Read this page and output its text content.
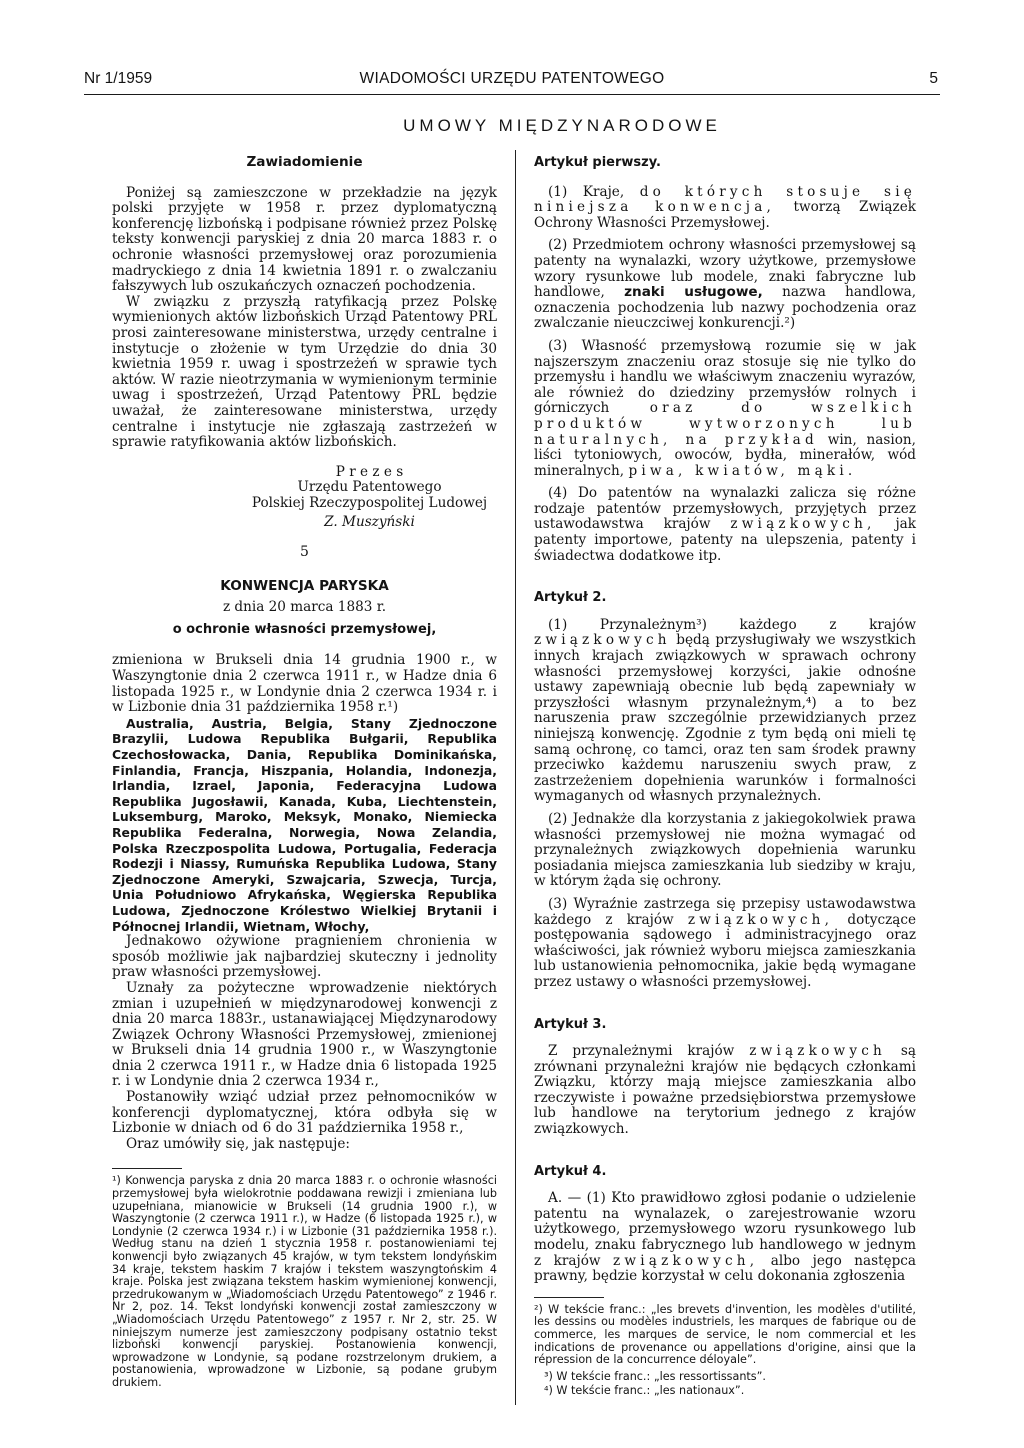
Nr 1/1959	WIADOMOŚCI URZĘDU PATENTOWEGO	5
UMOWY MIĘDZYNARODOWE

Zawiadomienie

Poniżej są zamieszczone w przekładzie na język polski przyjęte w 1958 r. przez dyplomatyczną konferencję lizbońską i podpisane również przez Polskę teksty konwencji paryskiej z dnia 20 marca 1883 r. o ochronie własności przemysłowej oraz porozumienia madryckiego z dnia 14 kwietnia 1891 r. o zwalczaniu fałszywych lub oszukańczych oznaczeń pochodzenia.

W związku z przyszłą ratyfikacją przez Polskę wymienionych aktów lizbońskich Urząd Patentowy PRL prosi zainteresowane ministerstwa, urzędy centralne i instytucje o złożenie w tym Urzędzie do dnia 30 kwietnia 1959 r. uwag i spostrzeżeń w sprawie tych aktów. W razie nieotrzymania w wymienionym terminie uwag i spostrzeżeń, Urząd Patentowy PRL będzie uważał, że zainteresowane ministerstwa, urzędy centralne i instytucje nie zgłaszają zastrzeżeń w sprawie ratyfikowania aktów lizbońskich.

P r e z e s

Urzędu Patentowego

Polskiej Rzeczypospolitej Ludowej

Z. Muszyński

5

KONWENCJA PARYSKA

z dnia 20 marca 1883 r.

o ochronie własności przemysłowej,

zmieniona w Brukseli dnia 14 grudnia 1900 r., w Waszyngtonie dnia 2 czerwca 1911 r., w Hadze dnia 6 listopada 1925 r., w Londynie dnia 2 czerwca 1934 r. i w Lizbonie dnia 31 października 1958 r.¹)

Australia, Austria, Belgia, Stany Zjednoczone Brazylii, Ludowa Republika Bułgarii, Republika Czechosłowacka, Dania, Republika Dominikańska, Finlandia, Francja, Hiszpania, Holandia, Indonezja, Irlandia, Izrael, Japonia, Federacyjna Ludowa Republika Jugosławii, Kanada, Kuba, Liechtenstein, Luksemburg, Maroko, Meksyk, Monako, Niemiecka Republika Federalna, Norwegia, Nowa Zelandia, Polska Rzeczpospolita Ludowa, Portugalia, Federacja Rodezji i Niassy, Rumuńska Republika Ludowa, Stany Zjednoczone Ameryki, Szwajcaria, Szwecja, Turcja, Unia Południowo Afrykańska, Węgierska Republika Ludowa, Zjednoczone Królestwo Wielkiej Brytanii i Północnej Irlandii, Wietnam, Włochy,

Jednakowo ożywione pragnieniem chronienia w sposób możliwie jak najbardziej skuteczny i jednolity praw własności przemysłowej.

Uznały za pożyteczne wprowadzenie niektórych zmian i uzupełnień w międzynarodowej konwencji z dnia 20 marca 1883r., ustanawiającej Międzynarodowy Związek Ochrony Własności Przemysłowej, zmienionej w Brukseli dnia 14 grudnia 1900 r., w Waszyngtonie dnia 2 czerwca 1911 r., w Hadze dnia 6 listopada 1925 r. i w Londynie dnia 2 czerwca 1934 r.,

Postanowiły wziąć udział przez pełnomocników w konferencji dyplomatycznej, która odbyła się w Lizbonie w dniach od 6 do 31 października 1958 r.,

Oraz umówiły się, jak następuje:

¹) Konwencja paryska z dnia 20 marca 1883 r. o ochronie własności przemysłowej była wielokrotnie poddawana rewizji i zmieniana lub uzupełniana, mianowicie w Brukseli (14 grudnia 1900 r.), w Waszyngtonie (2 czerwca 1911 r.), w Hadze (6 listopada 1925 r.), w Londynie (2 czerwca 1934 r.) i w Lizbonie (31 października 1958 r.). Według stanu na dzień 1 stycznia 1958 r. postanowieniami tej konwencji było związanych 45 krajów, w tym tekstem londyńskim 34 kraje, tekstem haskim 7 krajów i tekstem waszyngtońskim 4 kraje. Polska jest związana tekstem haskim wymienionej konwencji, przedrukowanym w „Wiadomościach Urzędu Patentowego” z 1946 r. Nr 2, poz. 14. Tekst londyński konwencji został zamieszczony w „Wiadomościach Urzędu Patentowego” z 1957 r. Nr 2, str. 25. W niniejszym numerze jest zamieszczony podpisany ostatnio tekst lizboński konwencji paryskiej. Postanowienia konwencji, wprowadzone w Londynie, są podane rozstrzelonym drukiem, a postanowienia, wprowadzone w Lizbonie, są podane grubym drukiem.

Artykuł pierwszy.

(1) Kraje, do których stosuje się niniejsza konwencja, tworzą Związek Ochrony Własności Przemysłowej.

(2) Przedmiotem ochrony własności przemysłowej są patenty na wynalazki, wzory użytkowe, przemysłowe wzory rysunkowe lub modele, znaki fabryczne lub handlowe, znaki usługowe, nazwa handlowa, oznaczenia pochodzenia lub nazwy pochodzenia oraz zwalczanie nieuczciwej konkurencji.²)

(3) Własność przemysłową rozumie się w jak najszerszym znaczeniu oraz stosuje się nie tylko do przemysłu i handlu we właściwym znaczeniu wyrazów, ale również do dziedziny przemysłów rolnych i górniczych	oraz do wszelkich produktów wytworzonych lub naturalnych, na przykład win, nasion, liści tytoniowych, owoców, bydła, minerałów, wód mineralnych, piwa, kwiatów, mąki.

(4) Do patentów na wynalazki zalicza się różne rodzaje patentów przemysłowych, przyjętych przez ustawodawstwa krajów związkowych, jak patenty importowe, patenty na ulepszenia, patenty i świadectwa dodatkowe itp.

Artykuł 2.

(1) Przynależnym³) każdego z krajów związkowych będą przysługiwały we wszystkich innych krajach związkowych w sprawach ochrony własności przemysłowej korzyści, jakie odnośne ustawy zapewniają obecnie lub będą zapewniały w przyszłości własnym przynależnym,⁴) a to bez naruszenia praw szczególnie przewidzianych przez niniejszą konwencję. Zgodnie z tym będą oni mieli tę samą ochronę, co tamci, oraz ten sam środek prawny przeciwko każdemu naruszeniu swych praw, z zastrzeżeniem dopełnienia warunków i formalności wymaganych od własnych przynależnych.

(2) Jednakże dla korzystania z jakiegokolwiek prawa własności przemysłowej nie można wymagać od przynależnych związkowych dopełnienia warunku posiadania miejsca zamieszkania lub siedziby w kraju, w którym żąda się ochrony.

(3) Wyraźnie zastrzega się przepisy ustawodawstwa każdego z krajów związkowych, dotyczące postępowania sądowego i administracyjnego oraz właściwości, jak również wyboru miejsca zamieszkania lub ustanowienia pełnomocnika, jakie będą wymagane przez ustawy o własności przemysłowej.

Artykuł 3.

Z przynależnymi krajów związkowych są zrównani przynależni krajów nie będących członkami Związku, którzy mają miejsce zamieszkania albo rzeczywiste i poważne przedsiębiorstwa przemysłowe lub handlowe na terytorium jednego z krajów związkowych.

Artykuł 4.

A. — (1) Kto prawidłowo zgłosi podanie o udzielenie patentu na wynalazek, o zarejestrowanie wzoru użytkowego, przemysłowego wzoru rysunkowego lub modelu, znaku fabrycznego lub handlowego w jednym z krajów związkowych, albo jego następca prawny, będzie korzystał w celu dokonania zgłoszenia

²) W tekście franc.: „les brevets d'invention, les modèles d'utilité, les dessins ou modèles industriels, les marques de fabrique ou de commerce, les marques de service, le nom commercial et les indications de provenance ou appellations d'origine, ainsi que la répression de la concurrence déloyale”.

³) W tekście franc.: „les ressortissants”.

⁴) W tekście franc.: „les nationaux”.
